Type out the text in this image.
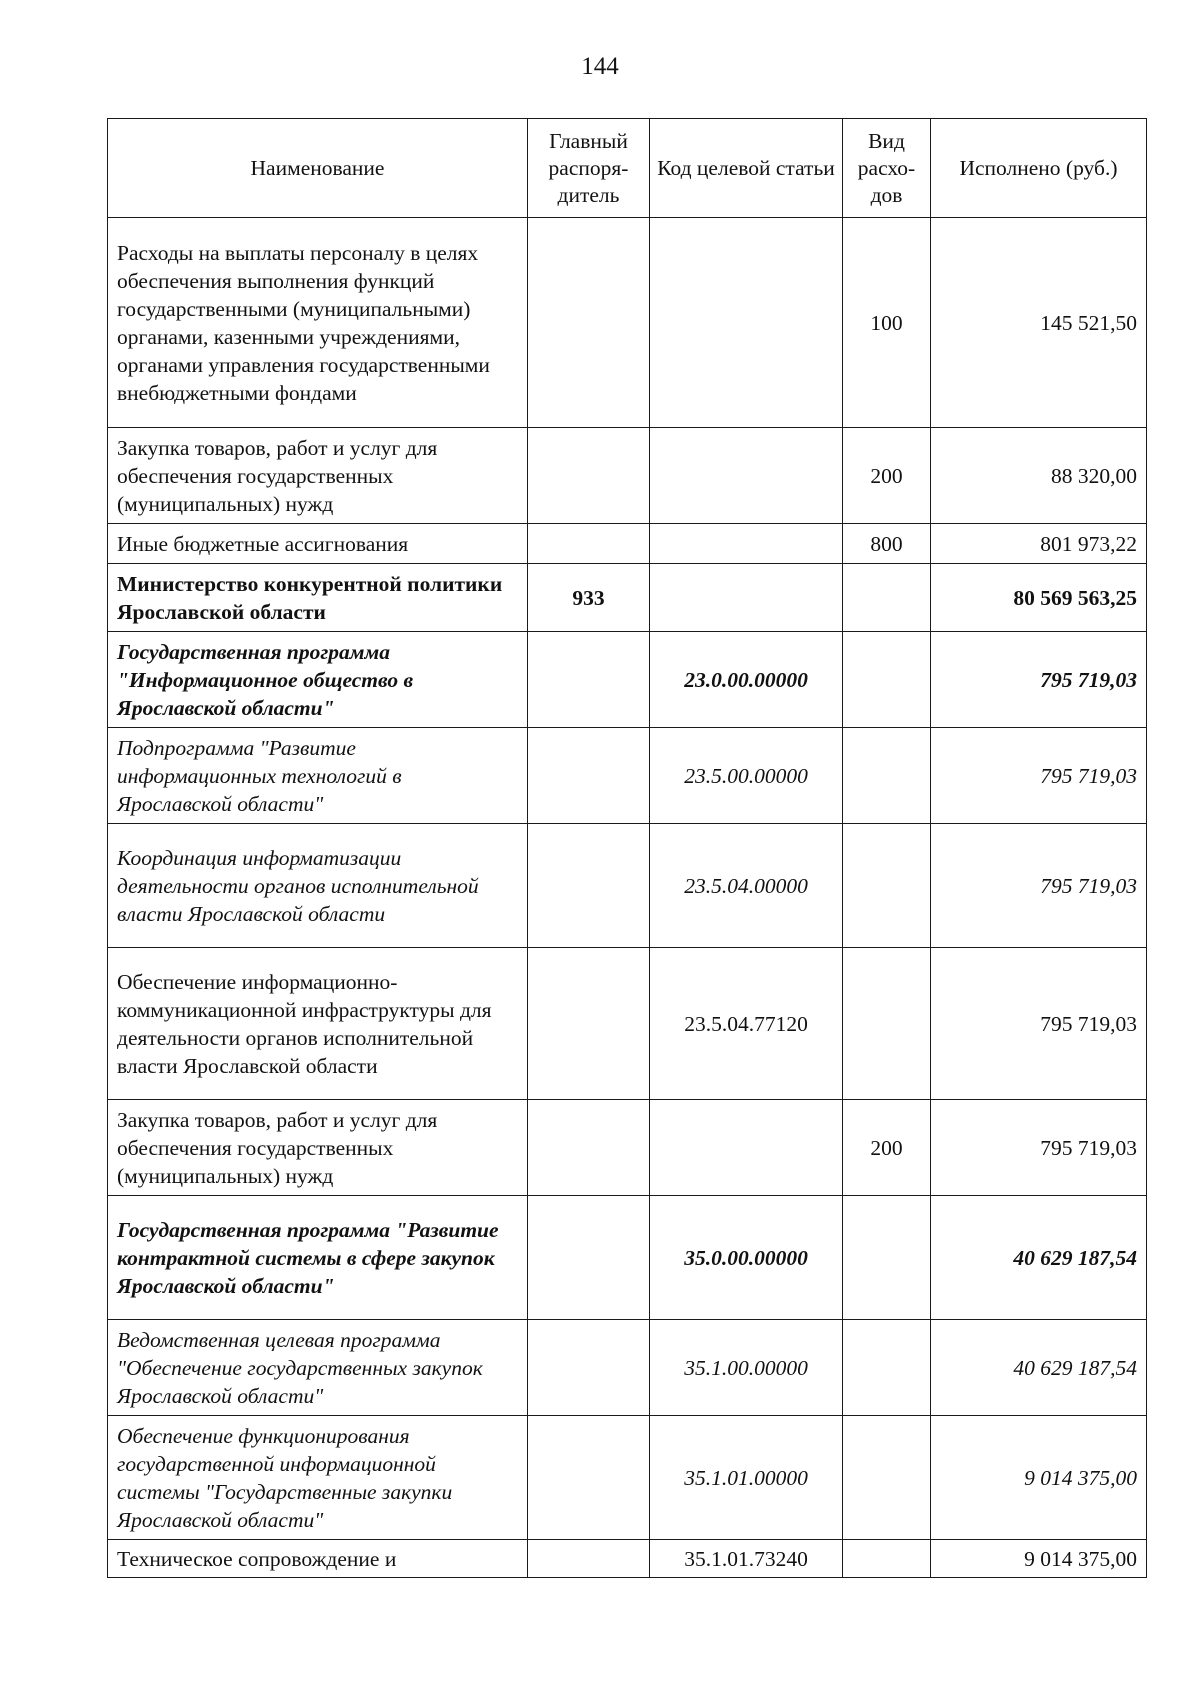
144
Наименование	Главный распоря-дитель	Код целевой статьи	Вид расхо-дов	Исполнено (руб.)
Расходы на выплаты персоналу в целях обеспечения выполнения функций государственными (муниципальными) органами, казенными учреждениями, органами управления государственными внебюджетными фондами			100	145 521,50
Закупка товаров, работ и услуг для обеспечения государственных (муниципальных) нужд			200	88 320,00
Иные бюджетные ассигнования			800	801 973,22
Министерство конкурентной политики Ярославской области	933			80 569 563,25
Государственная программа "Информационное общество в Ярославской области"		23.0.00.00000		795 719,03
Подпрограмма "Развитие информационных технологий в Ярославской области"		23.5.00.00000		795 719,03
Координация информатизации деятельности органов исполнительной власти Ярославской области		23.5.04.00000		795 719,03
Обеспечение информационно-коммуникационной инфраструктуры для деятельности органов исполнительной власти Ярославской области		23.5.04.77120		795 719,03
Закупка товаров, работ и услуг для обеспечения государственных (муниципальных) нужд			200	795 719,03
Государственная программа "Развитие контрактной системы в сфере закупок Ярославской области"		35.0.00.00000		40 629 187,54
Ведомственная целевая программа "Обеспечение государственных закупок Ярославской области"		35.1.00.00000		40 629 187,54
Обеспечение функционирования государственной информационной системы "Государственные закупки Ярославской области"		35.1.01.00000		9 014 375,00
Техническое сопровождение и		35.1.01.73240		9 014 375,00
